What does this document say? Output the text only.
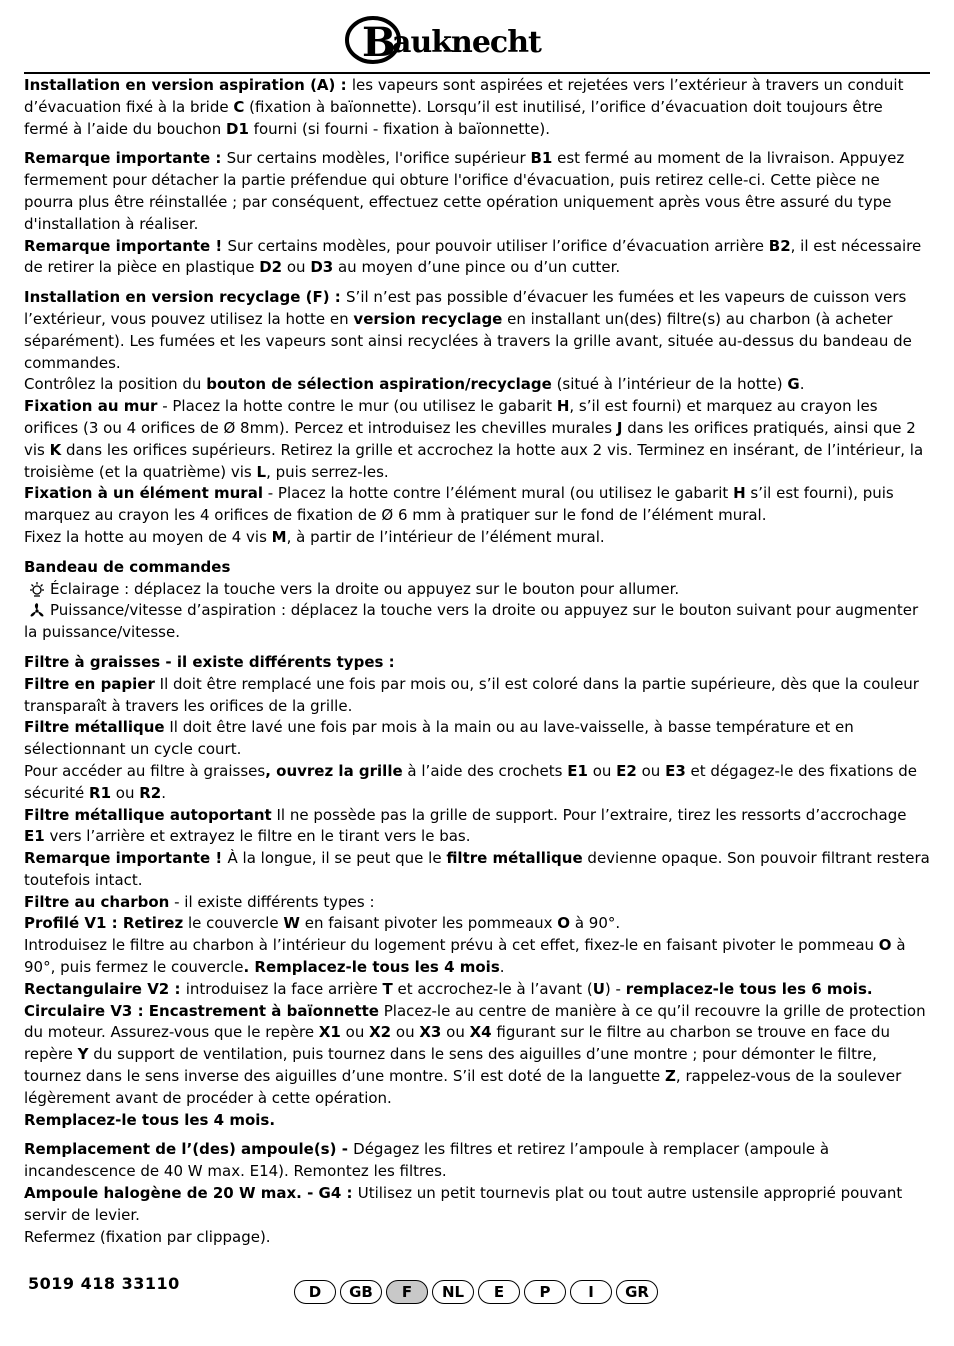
B
auknecht

Installation en version aspiration (A) : les vapeurs sont aspirées et rejetées vers l’extérieur à travers un conduit d’évacuation fixé à la bride C (fixation à baïonnette). Lorsqu’il est inutilisé, l’orifice d’évacuation doit toujours être fermé à l’aide du bouchon D1 fourni (si fourni - fixation à baïonnette).

Remarque importante : Sur certains modèles, l'orifice supérieur B1 est fermé au moment de la livraison. Appuyez fermement pour détacher la partie préfendue qui obture l'orifice d'évacuation, puis retirez celle-ci. Cette pièce ne pourra plus être réinstallée ; par conséquent, effectuez cette opération uniquement après vous être assuré du type d'installation à réaliser.

Remarque importante ! Sur certains modèles, pour pouvoir utiliser l’orifice d’évacuation arrière B2, il est nécessaire de retirer la pièce en plastique D2 ou D3 au moyen d’une pince ou d’un cutter.

Installation en version recyclage (F) : S’il n’est pas possible d’évacuer les fumées et les vapeurs de cuisson vers l’extérieur, vous pouvez utilisez la hotte en version recyclage en installant un(des) filtre(s) au charbon (à acheter séparément). Les fumées et les vapeurs sont ainsi recyclées à travers la grille avant, située au-dessus du bandeau de commandes.

Contrôlez la position du bouton de sélection aspiration/recyclage (situé à l’intérieur de la hotte) G.

Fixation au mur - Placez la hotte contre le mur (ou utilisez le gabarit H, s’il est fourni) et marquez au crayon les orifices (3 ou 4 orifices de Ø 8mm). Percez et introduisez les chevilles murales J dans les orifices pratiqués, ainsi que 2 vis K dans les orifices supérieurs. Retirez la grille et accrochez la hotte aux 2 vis. Terminez en insérant, de l’intérieur, la troisième (et la quatrième) vis L, puis serrez-les.

Fixation à un élément mural - Placez la hotte contre l’élément mural (ou utilisez le gabarit H s’il est fourni), puis marquez au crayon les 4 orifices de fixation de Ø 6 mm à pratiquer sur le fond de l’élément mural.

Fixez la hotte au moyen de 4 vis M, à partir de l’intérieur de l’élément mural.

Bandeau de commandes

Éclairage : déplacez la touche vers la droite ou appuyez sur le bouton pour allumer.

Puissance/vitesse d’aspiration : déplacez la touche vers la droite ou appuyez sur le bouton suivant pour augmenter la puissance/vitesse.

Filtre à graisses - il existe différents types :

Filtre en papier Il doit être remplacé une fois par mois ou, s’il est coloré dans la partie supérieure, dès que la couleur transparaît à travers les orifices de la grille.

Filtre métallique Il doit être lavé une fois par mois à la main ou au lave-vaisselle, à basse température et en sélectionnant un cycle court.

Pour accéder au filtre à graisses, ouvrez la grille à l’aide des crochets E1 ou E2 ou E3 et dégagez-le des fixations de sécurité R1 ou R2.

Filtre métallique autoportant Il ne possède pas la grille de support. Pour l’extraire, tirez les ressorts d’accrochage E1 vers l’arrière et extrayez le filtre en le tirant vers le bas.

Remarque importante ! À la longue, il se peut que le filtre métallique devienne opaque. Son pouvoir filtrant restera toutefois intact.

Filtre au charbon - il existe différents types :

Profilé V1 : Retirez le couvercle W en faisant pivoter les pommeaux O à 90°.

Introduisez le filtre au charbon à l’intérieur du logement prévu à cet effet, fixez-le en faisant pivoter le pommeau O à 90°, puis fermez le couvercle. Remplacez-le tous les 4 mois.

Rectangulaire V2 : introduisez la face arrière T et accrochez-le à l’avant (U) - remplacez-le tous les 6 mois.

Circulaire V3 : Encastrement à baïonnette Placez-le au centre de manière à ce qu’il recouvre la grille de protection du moteur. Assurez-vous que le repère X1 ou X2 ou X3 ou X4 figurant sur le filtre au charbon se trouve en face du repère Y du support de ventilation, puis tournez dans le sens des aiguilles d’une montre ; pour démonter le filtre, tournez dans le sens inverse des aiguilles d’une montre. S’il est doté de la languette Z, rappelez-vous de la soulever légèrement avant de procéder à cette opération.

Remplacez-le tous les 4 mois.

Remplacement de l’(des) ampoule(s) - Dégagez les filtres et retirez l’ampoule à remplacer (ampoule à incandescence de 40 W max. E14). Remontez les filtres.

Ampoule halogène de 20 W max. - G4 : Utilisez un petit tournevis plat ou tout autre ustensile approprié pouvant servir de levier.

Refermez (fixation par clippage).

5019 418 33110	D	GB	F	NL	E	P	I	GR
